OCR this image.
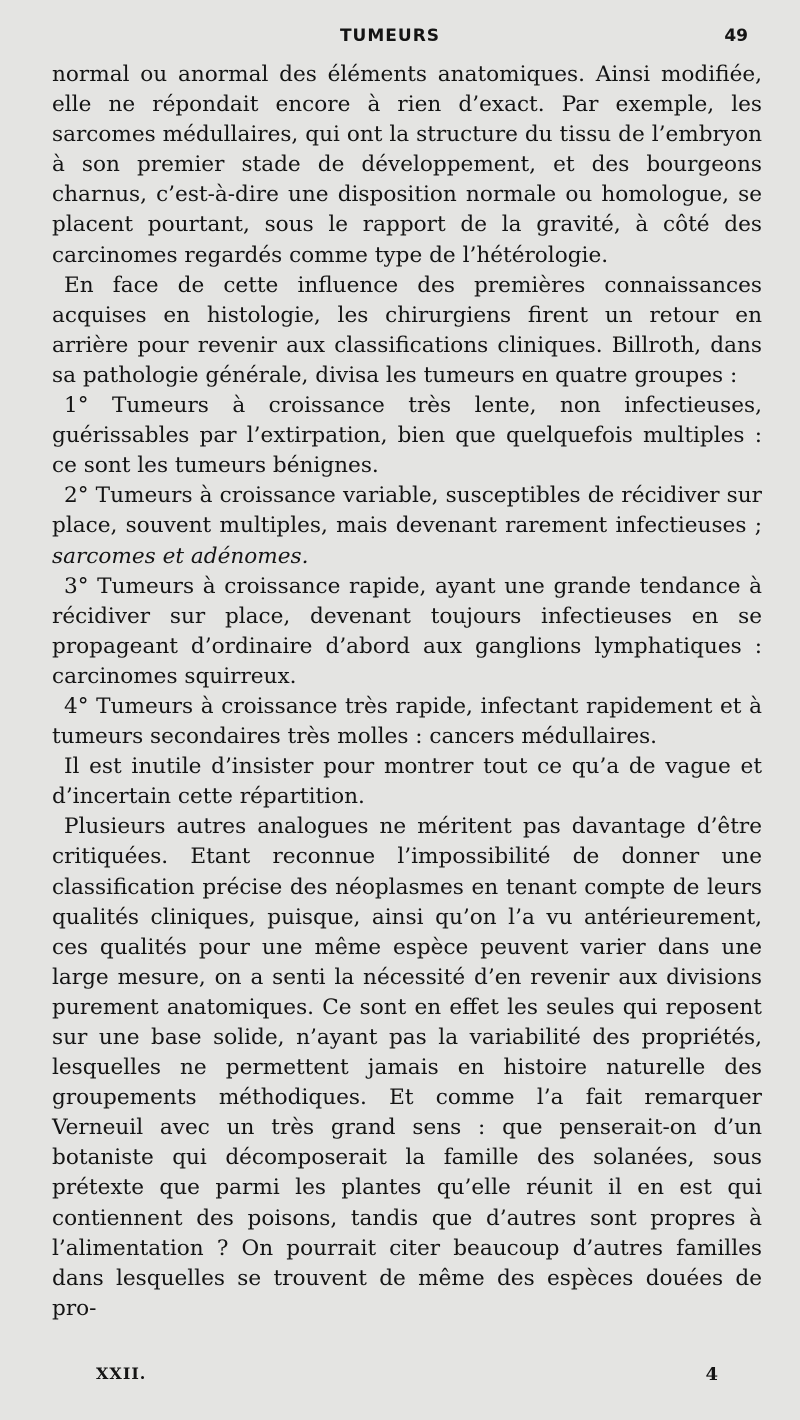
TUMEURS	49

normal ou anormal des éléments anatomiques. Ainsi modifiée, elle ne répondait encore à rien d’exact. Par exemple, les sarcomes médullaires, qui ont la structure du tissu de l’embryon à son premier stade de développement, et des bourgeons charnus, c’est-à-dire une disposition normale ou homologue, se placent pourtant, sous le rapport de la gravité, à côté des carcinomes regardés comme type de l’hétérologie.

En face de cette influence des premières connaissances acquises en histologie, les chirurgiens firent un retour en arrière pour revenir aux classifications cliniques. Billroth, dans sa pathologie générale, divisa les tumeurs en quatre groupes :

1° Tumeurs à croissance très lente, non infectieuses, guérissables par l’extirpation, bien que quelquefois multiples : ce sont les tumeurs bénignes.

2° Tumeurs à croissance variable, susceptibles de récidiver sur place, souvent multiples, mais devenant rarement infectieuses ; sarcomes et adénomes.

3° Tumeurs à croissance rapide, ayant une grande tendance à récidiver sur place, devenant toujours infectieuses en se propageant d’ordinaire d’abord aux ganglions lymphatiques : carcinomes squirreux.

4° Tumeurs à croissance très rapide, infectant rapidement et à tumeurs secondaires très molles : cancers médullaires.

Il est inutile d’insister pour montrer tout ce qu’a de vague et d’incertain cette répartition.

Plusieurs autres analogues ne méritent pas davantage d’être critiquées. Etant reconnue l’impossibilité de donner une classification précise des néoplasmes en tenant compte de leurs qualités cliniques, puisque, ainsi qu’on l’a vu antérieurement, ces qualités pour une même espèce peuvent varier dans une large mesure, on a senti la nécessité d’en revenir aux divisions purement anatomiques. Ce sont en effet les seules qui reposent sur une base solide, n’ayant pas la variabilité des propriétés, lesquelles ne permettent jamais en histoire naturelle des groupements méthodiques. Et comme l’a fait remarquer Verneuil avec un très grand sens : que penserait-on d’un botaniste qui décomposerait la famille des solanées, sous prétexte que parmi les plantes qu’elle réunit il en est qui contiennent des poisons, tandis que d’autres sont propres à l’alimentation ? On pourrait citer beaucoup d’autres familles dans lesquelles se trouvent de même des espèces douées de pro-

XXII.	4
